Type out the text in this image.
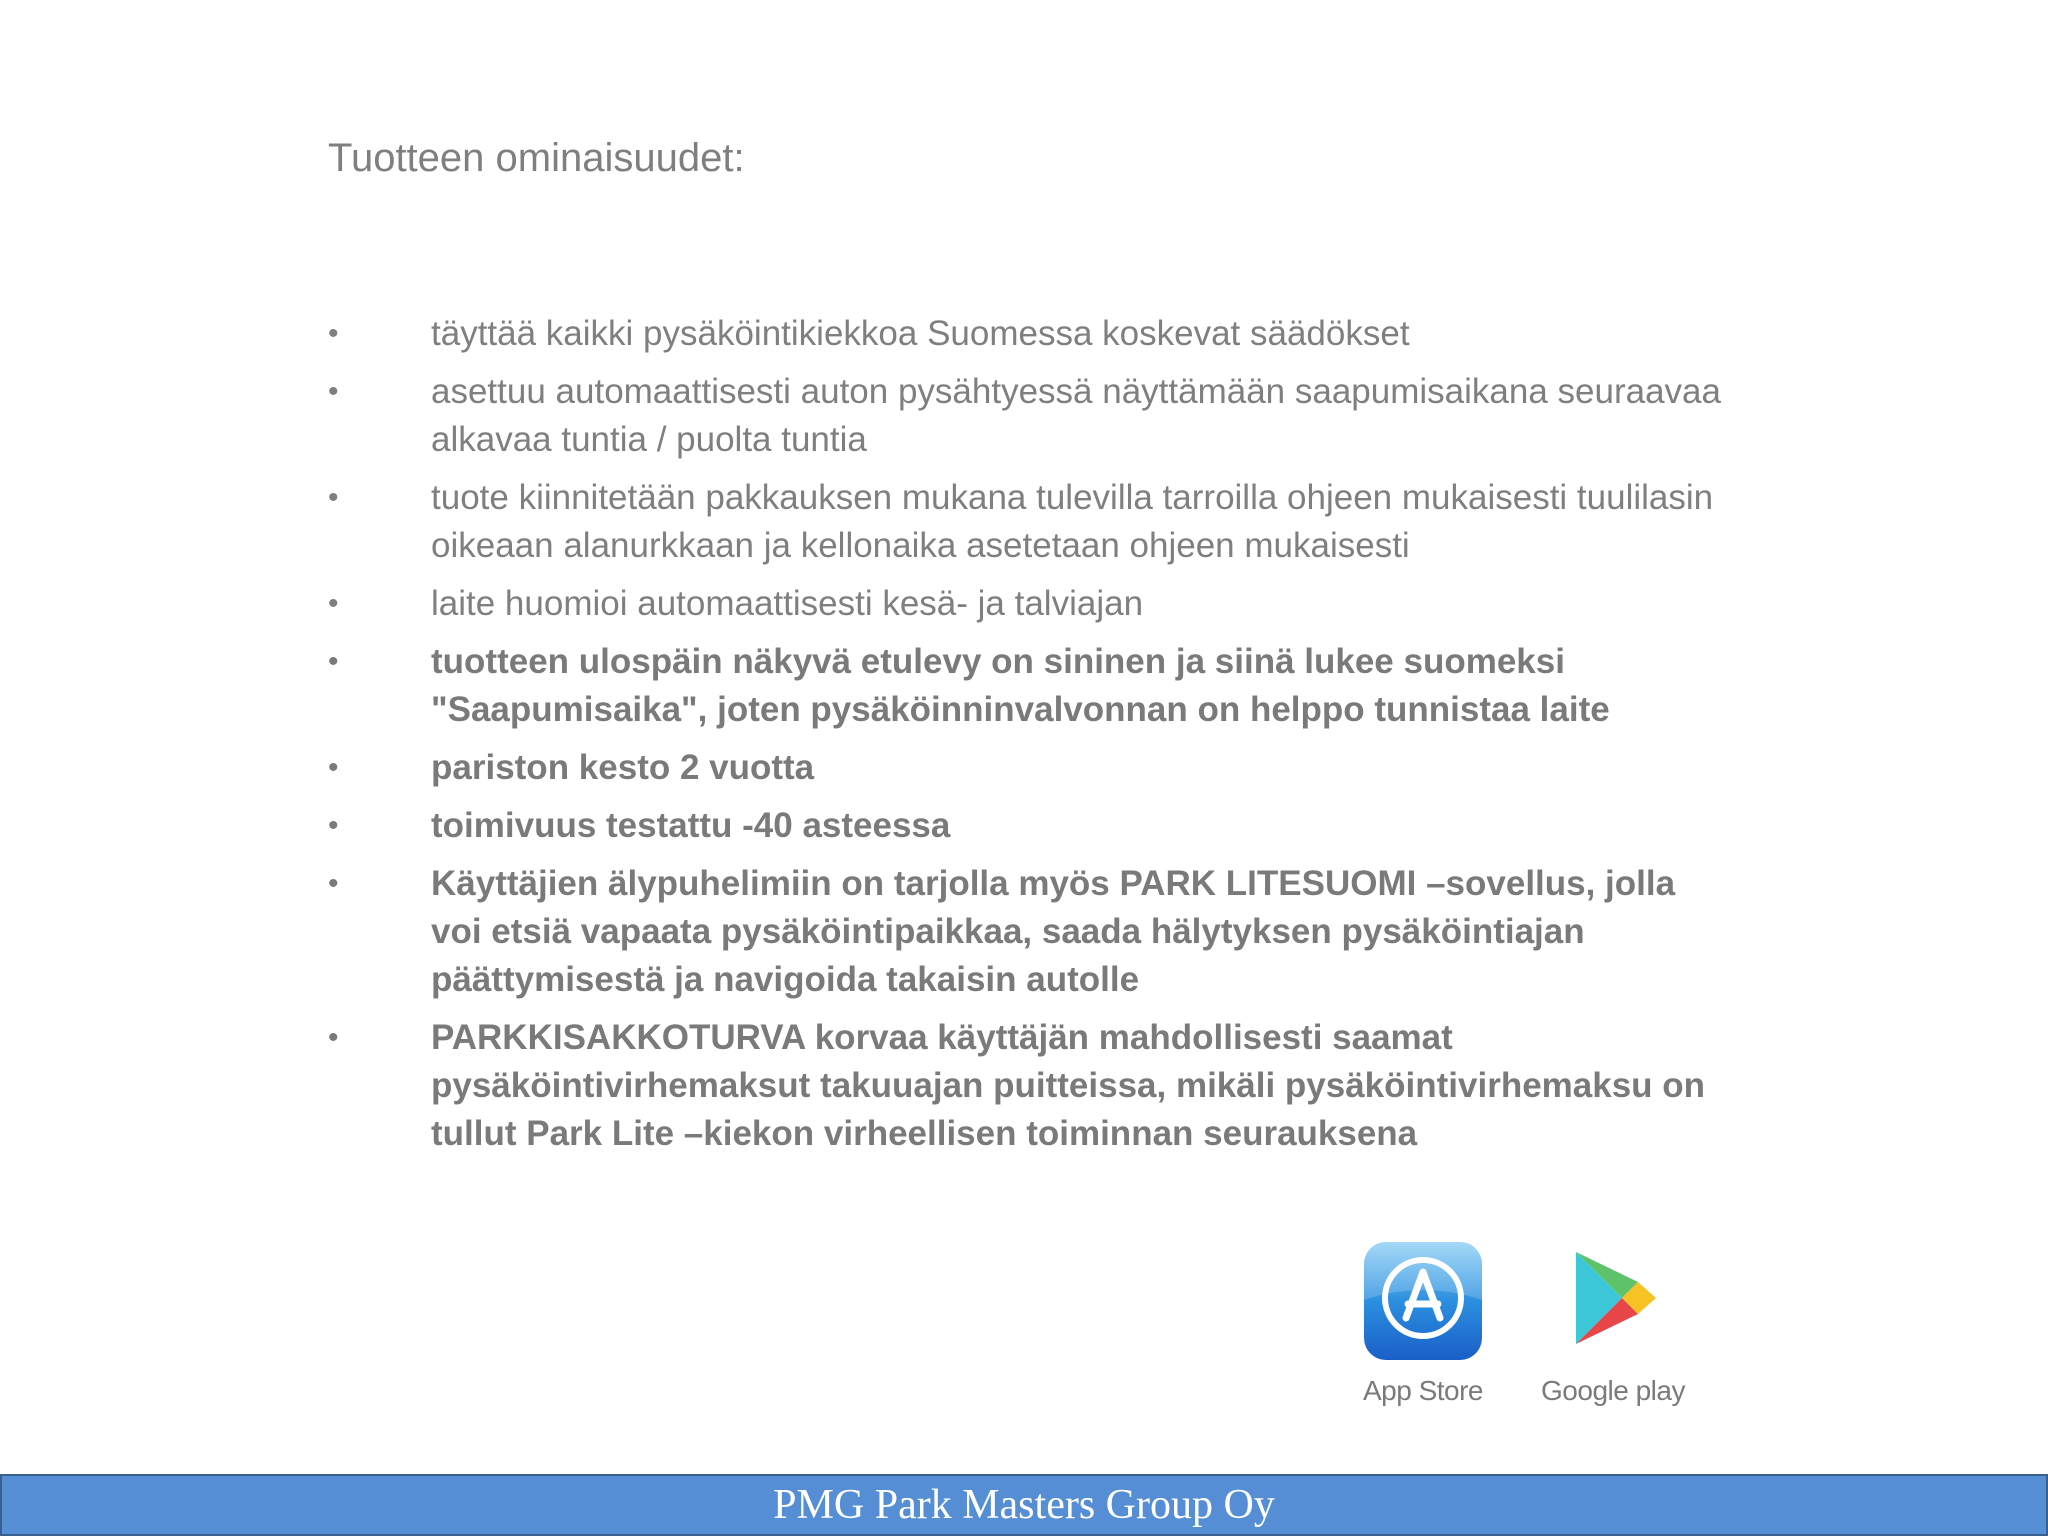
Tuotteen ominaisuudet:
•	täyttää kaikki pysäköintikiekkoa Suomessa koskevat säädökset
•	asettuu automaattisesti auton pysähtyessä näyttämään saapumisaikana seuraavaa alkavaa tuntia / puolta tuntia
•	tuote kiinnitetään pakkauksen mukana tulevilla tarroilla ohjeen mukaisesti tuulilasin oikeaan alanurkkaan ja kellonaika asetetaan ohjeen mukaisesti
•	laite huomioi automaattisesti kesä- ja talviajan
•	tuotteen ulospäin näkyvä etulevy on sininen ja siinä lukee suomeksi "Saapumisaika", joten pysäköinninvalvonnan on helppo tunnistaa laite
•	pariston kesto 2 vuotta
•	toimivuus testattu -40 asteessa
•	Käyttäjien älypuhelimiin on tarjolla myös PARK LITESUOMI –sovellus, jolla voi etsiä vapaata pysäköintipaikkaa, saada hälytyksen pysäköintiajan päättymisestä ja navigoida takaisin autolle
•	PARKKISAKKOTURVA korvaa käyttäjän mahdollisesti saamat pysäköintivirhemaksut takuuajan puitteissa, mikäli pysäköintivirhemaksu on tullut Park Lite –kiekon virheellisen toiminnan seurauksena
App Store	Google play
PMG Park Masters Group Oy
